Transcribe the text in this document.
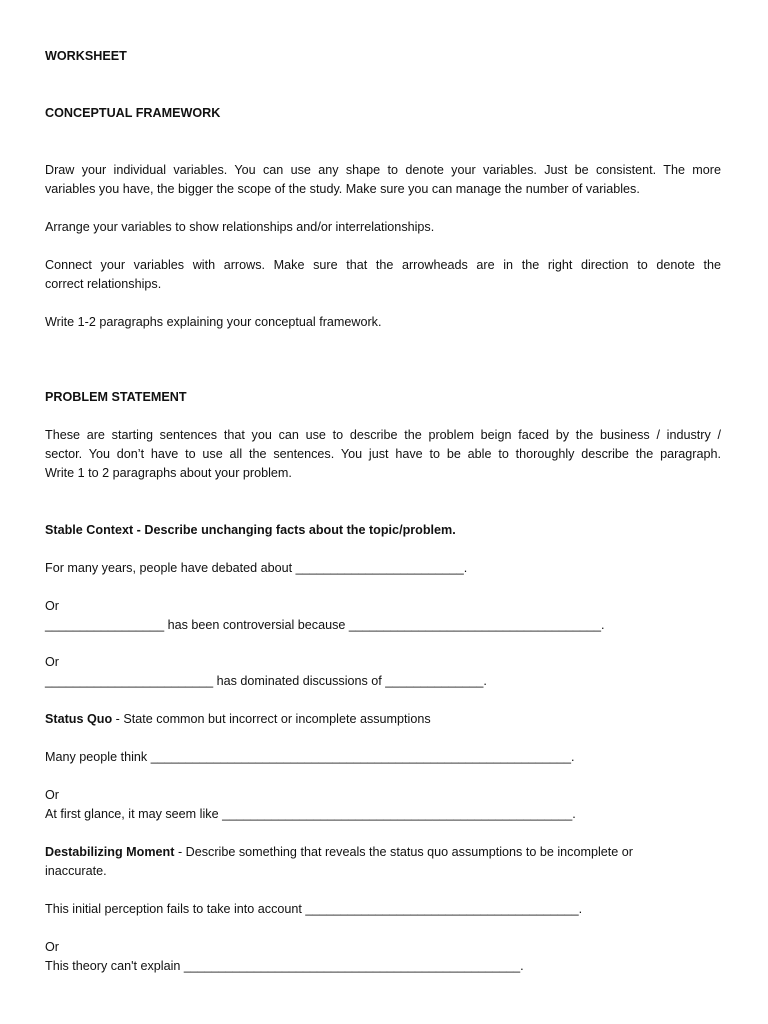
WORKSHEET
CONCEPTUAL FRAMEWORK
Draw your individual variables. You can use any shape to denote your variables. Just be consistent. The more
variables you have, the bigger the scope of the study. Make sure you can manage the number of variables.
Arrange your variables to show relationships and/or interrelationships.
Connect your variables with arrows. Make sure that the arrowheads are in the right direction to denote the
correct relationships.
Write 1-2 paragraphs explaining your conceptual framework.
PROBLEM STATEMENT
These are starting sentences that you can use to describe the problem beign faced by the business / industry /
sector. You don’t have to use all the sentences. You just have to be able to thoroughly describe the paragraph.
Write 1 to 2 paragraphs about your problem.
Stable Context - Describe unchanging facts about the topic/problem.
For many years, people have debated about ________________________.
Or
_________________ has been controversial because ____________________________________.
Or
________________________ has dominated discussions of ______________.
Status Quo - State common but incorrect or incomplete assumptions
Many people think ____________________________________________________________.
Or
At first glance, it may seem like __________________________________________________.
Destabilizing Moment - Describe something that reveals the status quo assumptions to be incomplete or
inaccurate.
This initial perception fails to take into account _______________________________________.
Or
This theory can't explain ________________________________________________.
